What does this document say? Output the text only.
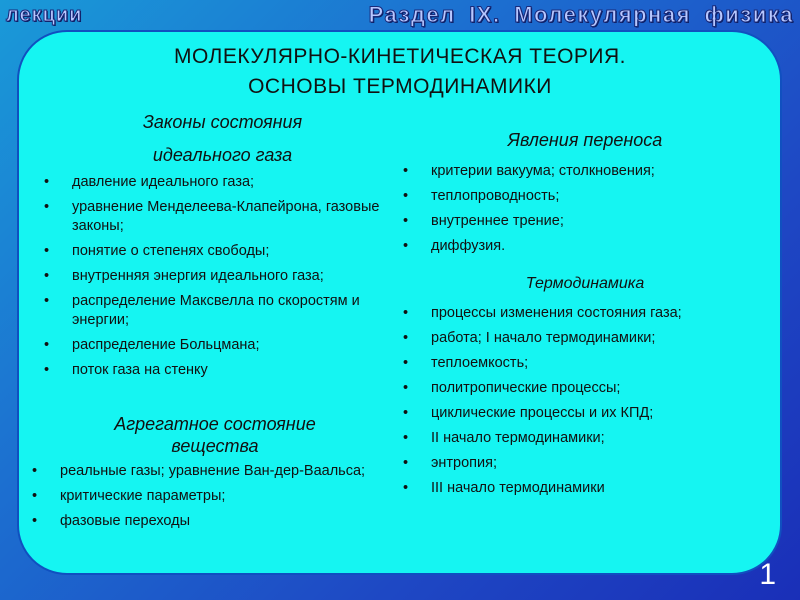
лекции	Раздел IX. Молекулярная физика
МОЛЕКУЛЯРНО-КИНЕТИЧЕСКАЯ ТЕОРИЯ.
ОСНОВЫ ТЕРМОДИНАМИКИ
Законы состояния
идеального газа
• давление идеального газа;
• уравнение Менделеева-Клапейрона, газовые законы;
• понятие о степенях свободы;
• внутренняя энергия идеального газа;
• распределение Максвелла по скоростям и энергии;
• распределение Больцмана;
• поток газа на стенку
Агрегатное состояние вещества
• реальные газы; уравнение Ван-дер-Ваальса;
• критические параметры;
• фазовые переходы
Явления переноса
• критерии вакуума; столкновения;
• теплопроводность;
• внутреннее трение;
• диффузия.
Термодинамика
• процессы изменения состояния газа;
• работа; I начало термодинамики;
• теплоемкость;
• политропические процессы;
• циклические процессы и их КПД;
• II начало термодинамики;
• энтропия;
• III начало термодинамики
1
